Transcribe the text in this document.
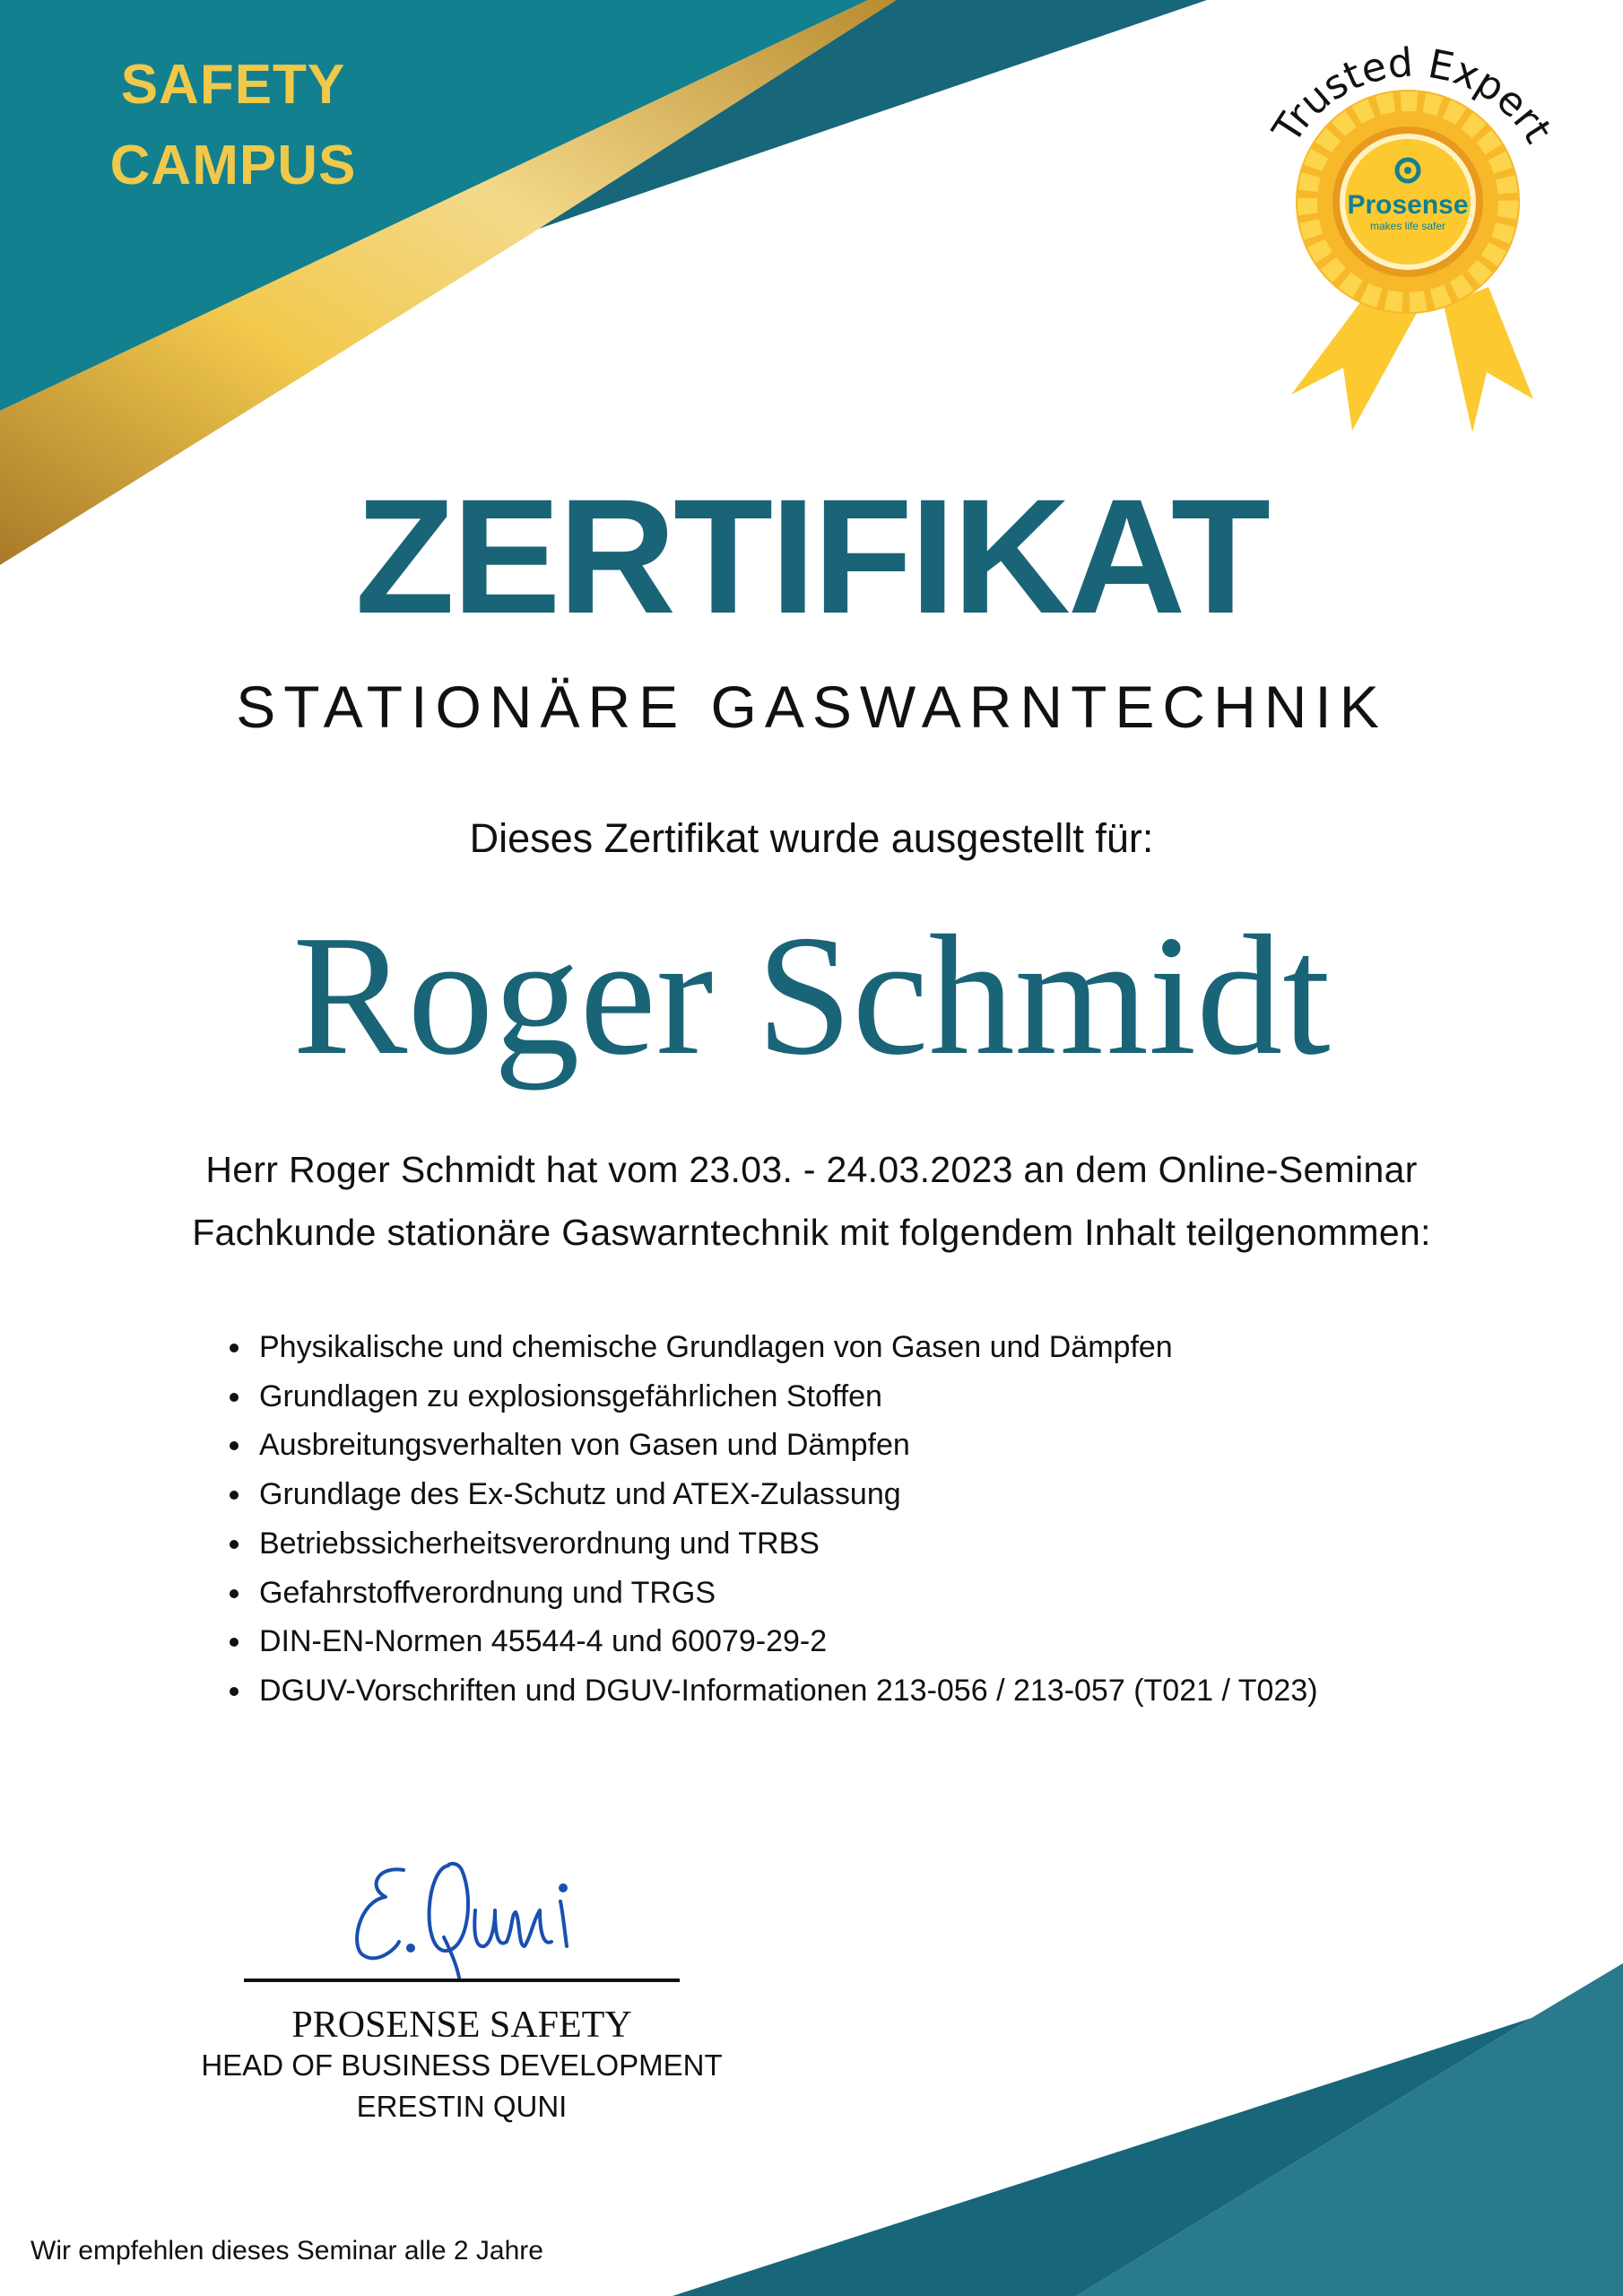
SAFETY
CAMPUS
Prosense
makes life safer
Trusted Expert
ZERTIFIKAT
STATIONÄRE GASWARNTECHNIK
Dieses Zertifikat wurde ausgestellt für:
Roger Schmidt
Herr Roger Schmidt hat vom 23.03. - 24.03.2023 an dem Online-Seminar
Fachkunde stationäre Gaswarntechnik mit folgendem Inhalt teilgenommen:
Physikalische und chemische Grundlagen von Gasen und Dämpfen
Grundlagen zu explosionsgefährlichen Stoffen
Ausbreitungsverhalten von Gasen und Dämpfen
Grundlage des Ex-Schutz und ATEX-Zulassung
Betriebssicherheitsverordnung und TRBS
Gefahrstoffverordnung und TRGS
DIN-EN-Normen 45544-4 und 60079-29-2
DGUV-Vorschriften und DGUV-Informationen 213-056 / 213-057 (T021 / T023)
PROSENSE SAFETY
HEAD OF BUSINESS DEVELOPMENT
ERESTIN QUNI
Wir empfehlen dieses Seminar alle 2 Jahre
